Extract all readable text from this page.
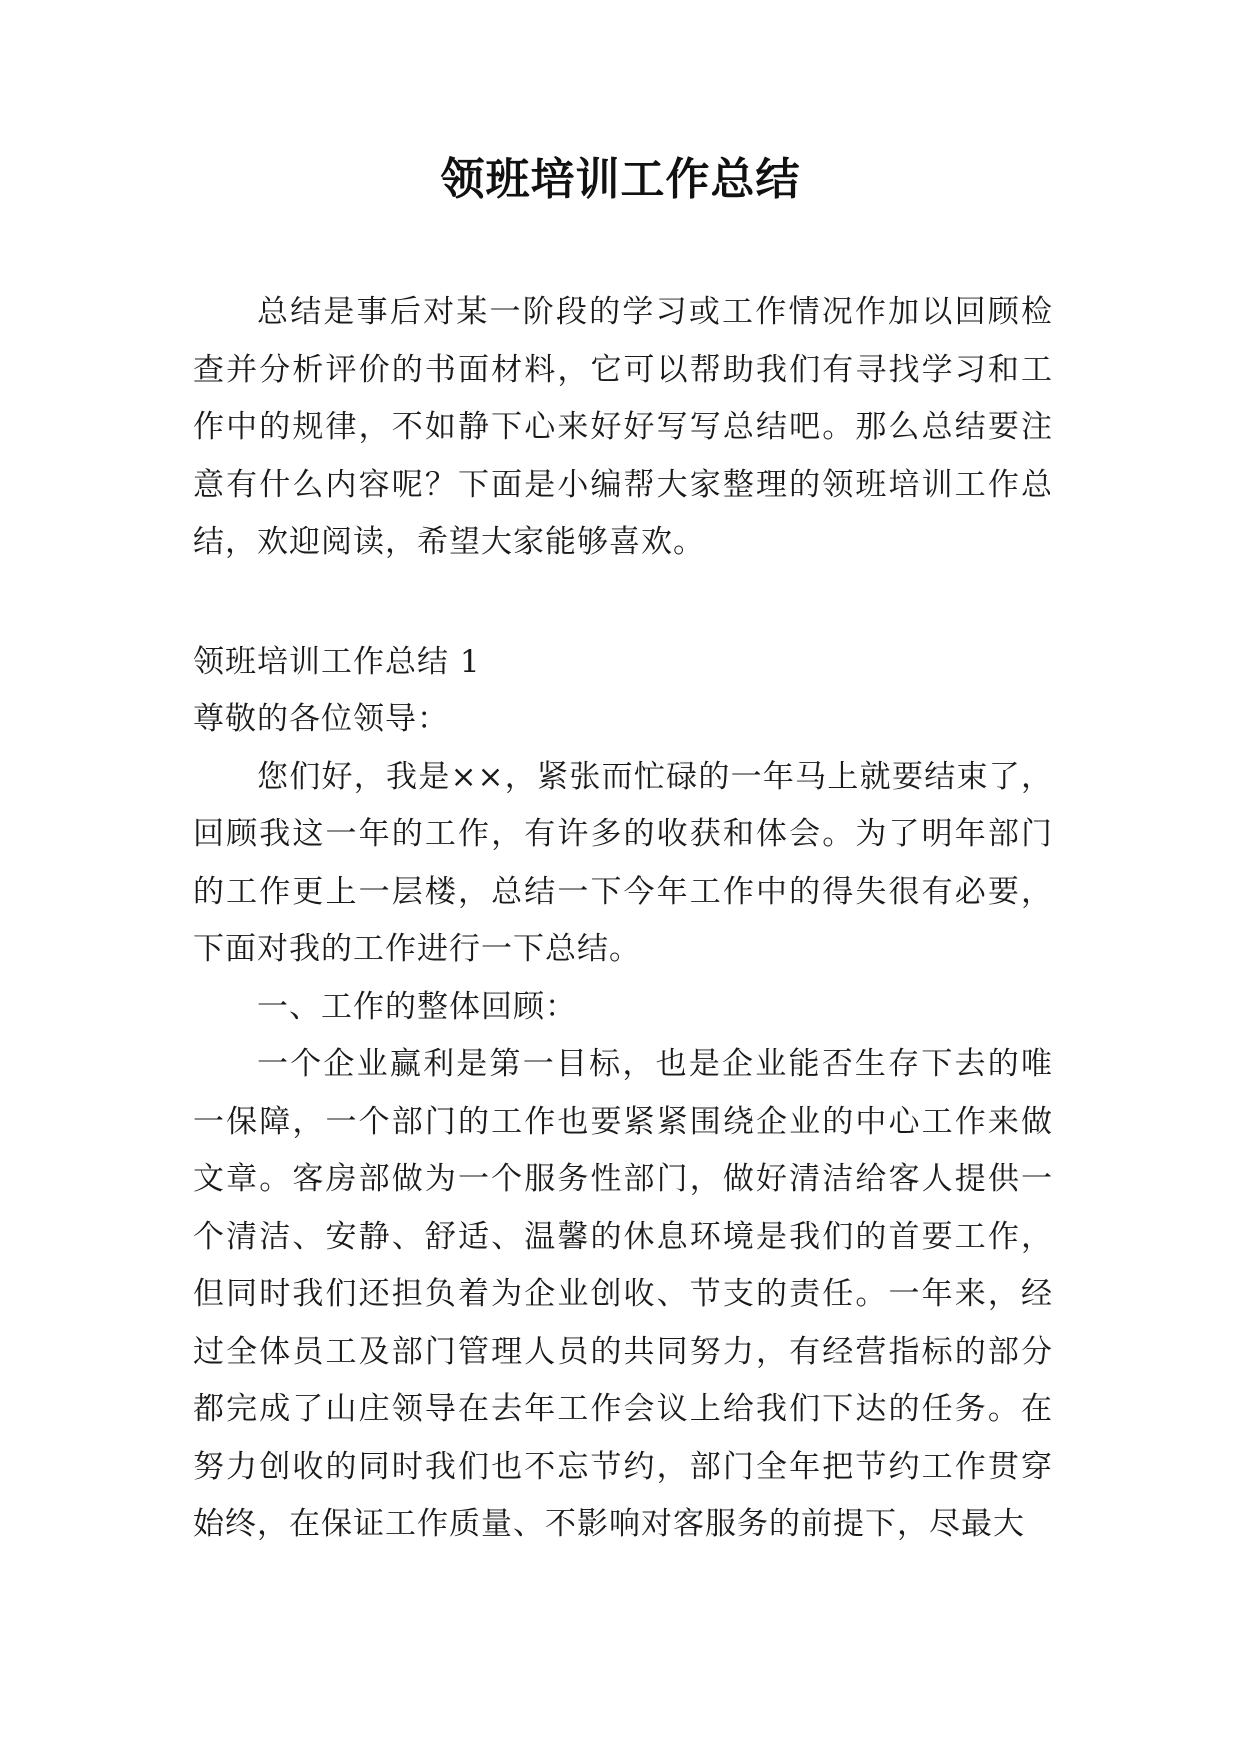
领班培训工作总结

总结是事后对某一阶段的学习或工作情况作加以回顾检查并分析评价的书面材料，它可以帮助我们有寻找学习和工作中的规律，不如静下心来好好写写总结吧。那么总结要注意有什么内容呢？下面是小编帮大家整理的领班培训工作总结，欢迎阅读，希望大家能够喜欢。

领班培训工作总结 1

尊敬的各位领导：

您们好，我是××，紧张而忙碌的一年马上就要结束了，回顾我这一年的工作，有许多的收获和体会。为了明年部门的工作更上一层楼，总结一下今年工作中的得失很有必要，下面对我的工作进行一下总结。

一、工作的整体回顾：

一个企业赢利是第一目标，也是企业能否生存下去的唯一保障，一个部门的工作也要紧紧围绕企业的中心工作来做文章。客房部做为一个服务性部门，做好清洁给客人提供一个清洁、安静、舒适、温馨的休息环境是我们的首要工作，但同时我们还担负着为企业创收、节支的责任。一年来，经过全体员工及部门管理人员的共同努力，有经营指标的部分都完成了山庄领导在去年工作会议上给我们下达的任务。在努力创收的同时我们也不忘节约，部门全年把节约工作贯穿始终，在保证工作质量、不影响对客服务的前提下，尽最大
